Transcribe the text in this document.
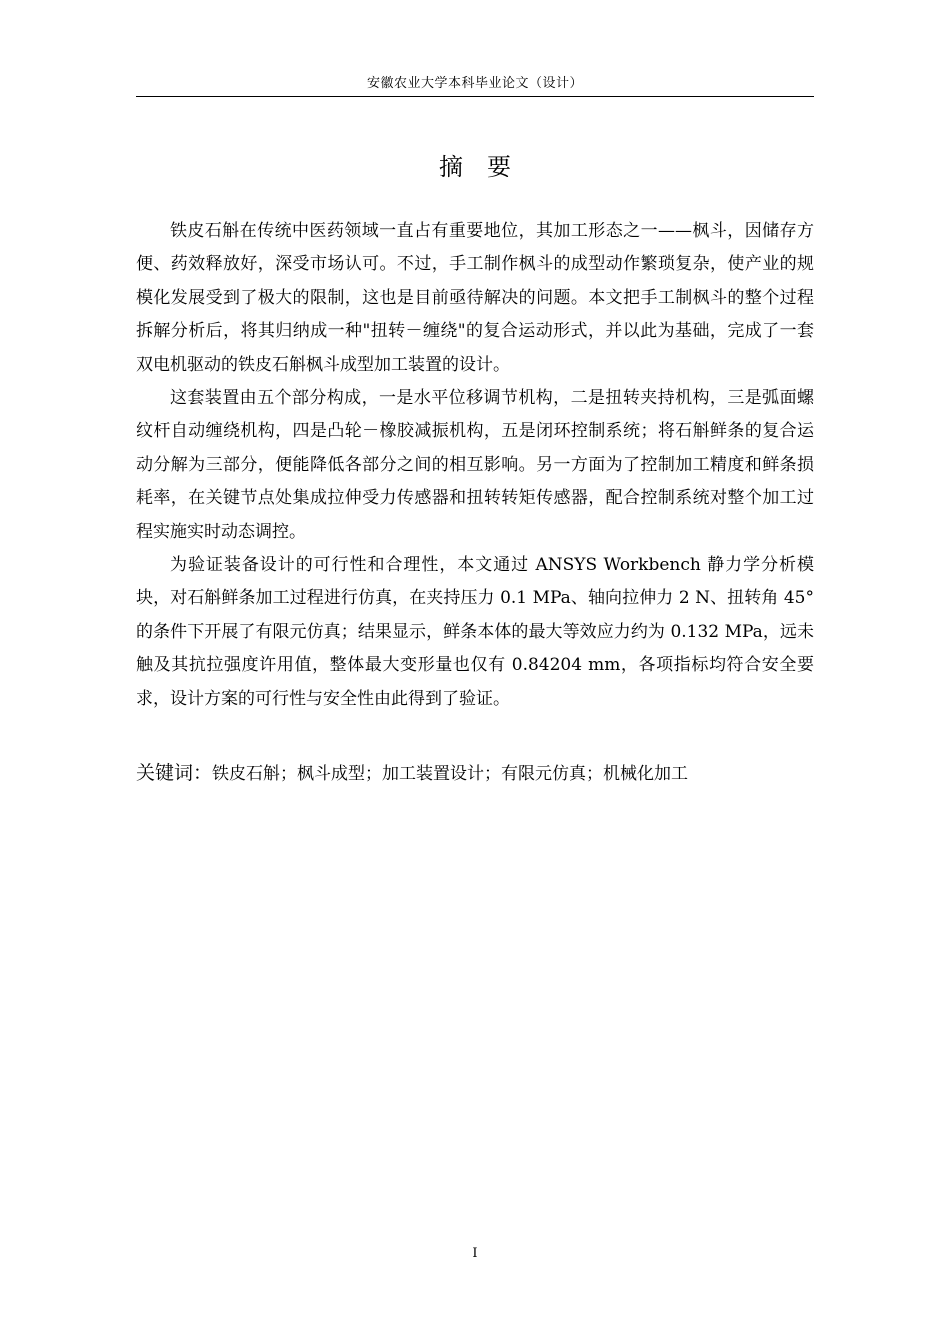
安徽农业大学本科毕业论文（设计）
摘　要

铁皮石斛在传统中医药领域一直占有重要地位，其加工形态之一——枫斗，因储存方便、药效释放好，深受市场认可。不过，手工制作枫斗的成型动作繁琐复杂，使产业的规模化发展受到了极大的限制，这也是目前亟待解决的问题。本文把手工制枫斗的整个过程拆解分析后，将其归纳成一种"扭转－缠绕"的复合运动形式，并以此为基础，完成了一套双电机驱动的铁皮石斛枫斗成型加工装置的设计。

这套装置由五个部分构成，一是水平位移调节机构，二是扭转夹持机构，三是弧面螺纹杆自动缠绕机构，四是凸轮－橡胶减振机构，五是闭环控制系统；将石斛鲜条的复合运动分解为三部分，便能降低各部分之间的相互影响。另一方面为了控制加工精度和鲜条损耗率，在关键节点处集成拉伸受力传感器和扭转转矩传感器，配合控制系统对整个加工过程实施实时动态调控。

为验证装备设计的可行性和合理性，本文通过 ANSYS Workbench 静力学分析模块，对石斛鲜条加工过程进行仿真，在夹持压力 0.1 MPa、轴向拉伸力 2 N、扭转角 45°的条件下开展了有限元仿真；结果显示，鲜条本体的最大等效应力约为 0.132 MPa，远未触及其抗拉强度许用值，整体最大变形量也仅有 0.84204 mm，各项指标均符合安全要求，设计方案的可行性与安全性由此得到了验证。

关键词：铁皮石斛；枫斗成型；加工装置设计；有限元仿真；机械化加工
I
